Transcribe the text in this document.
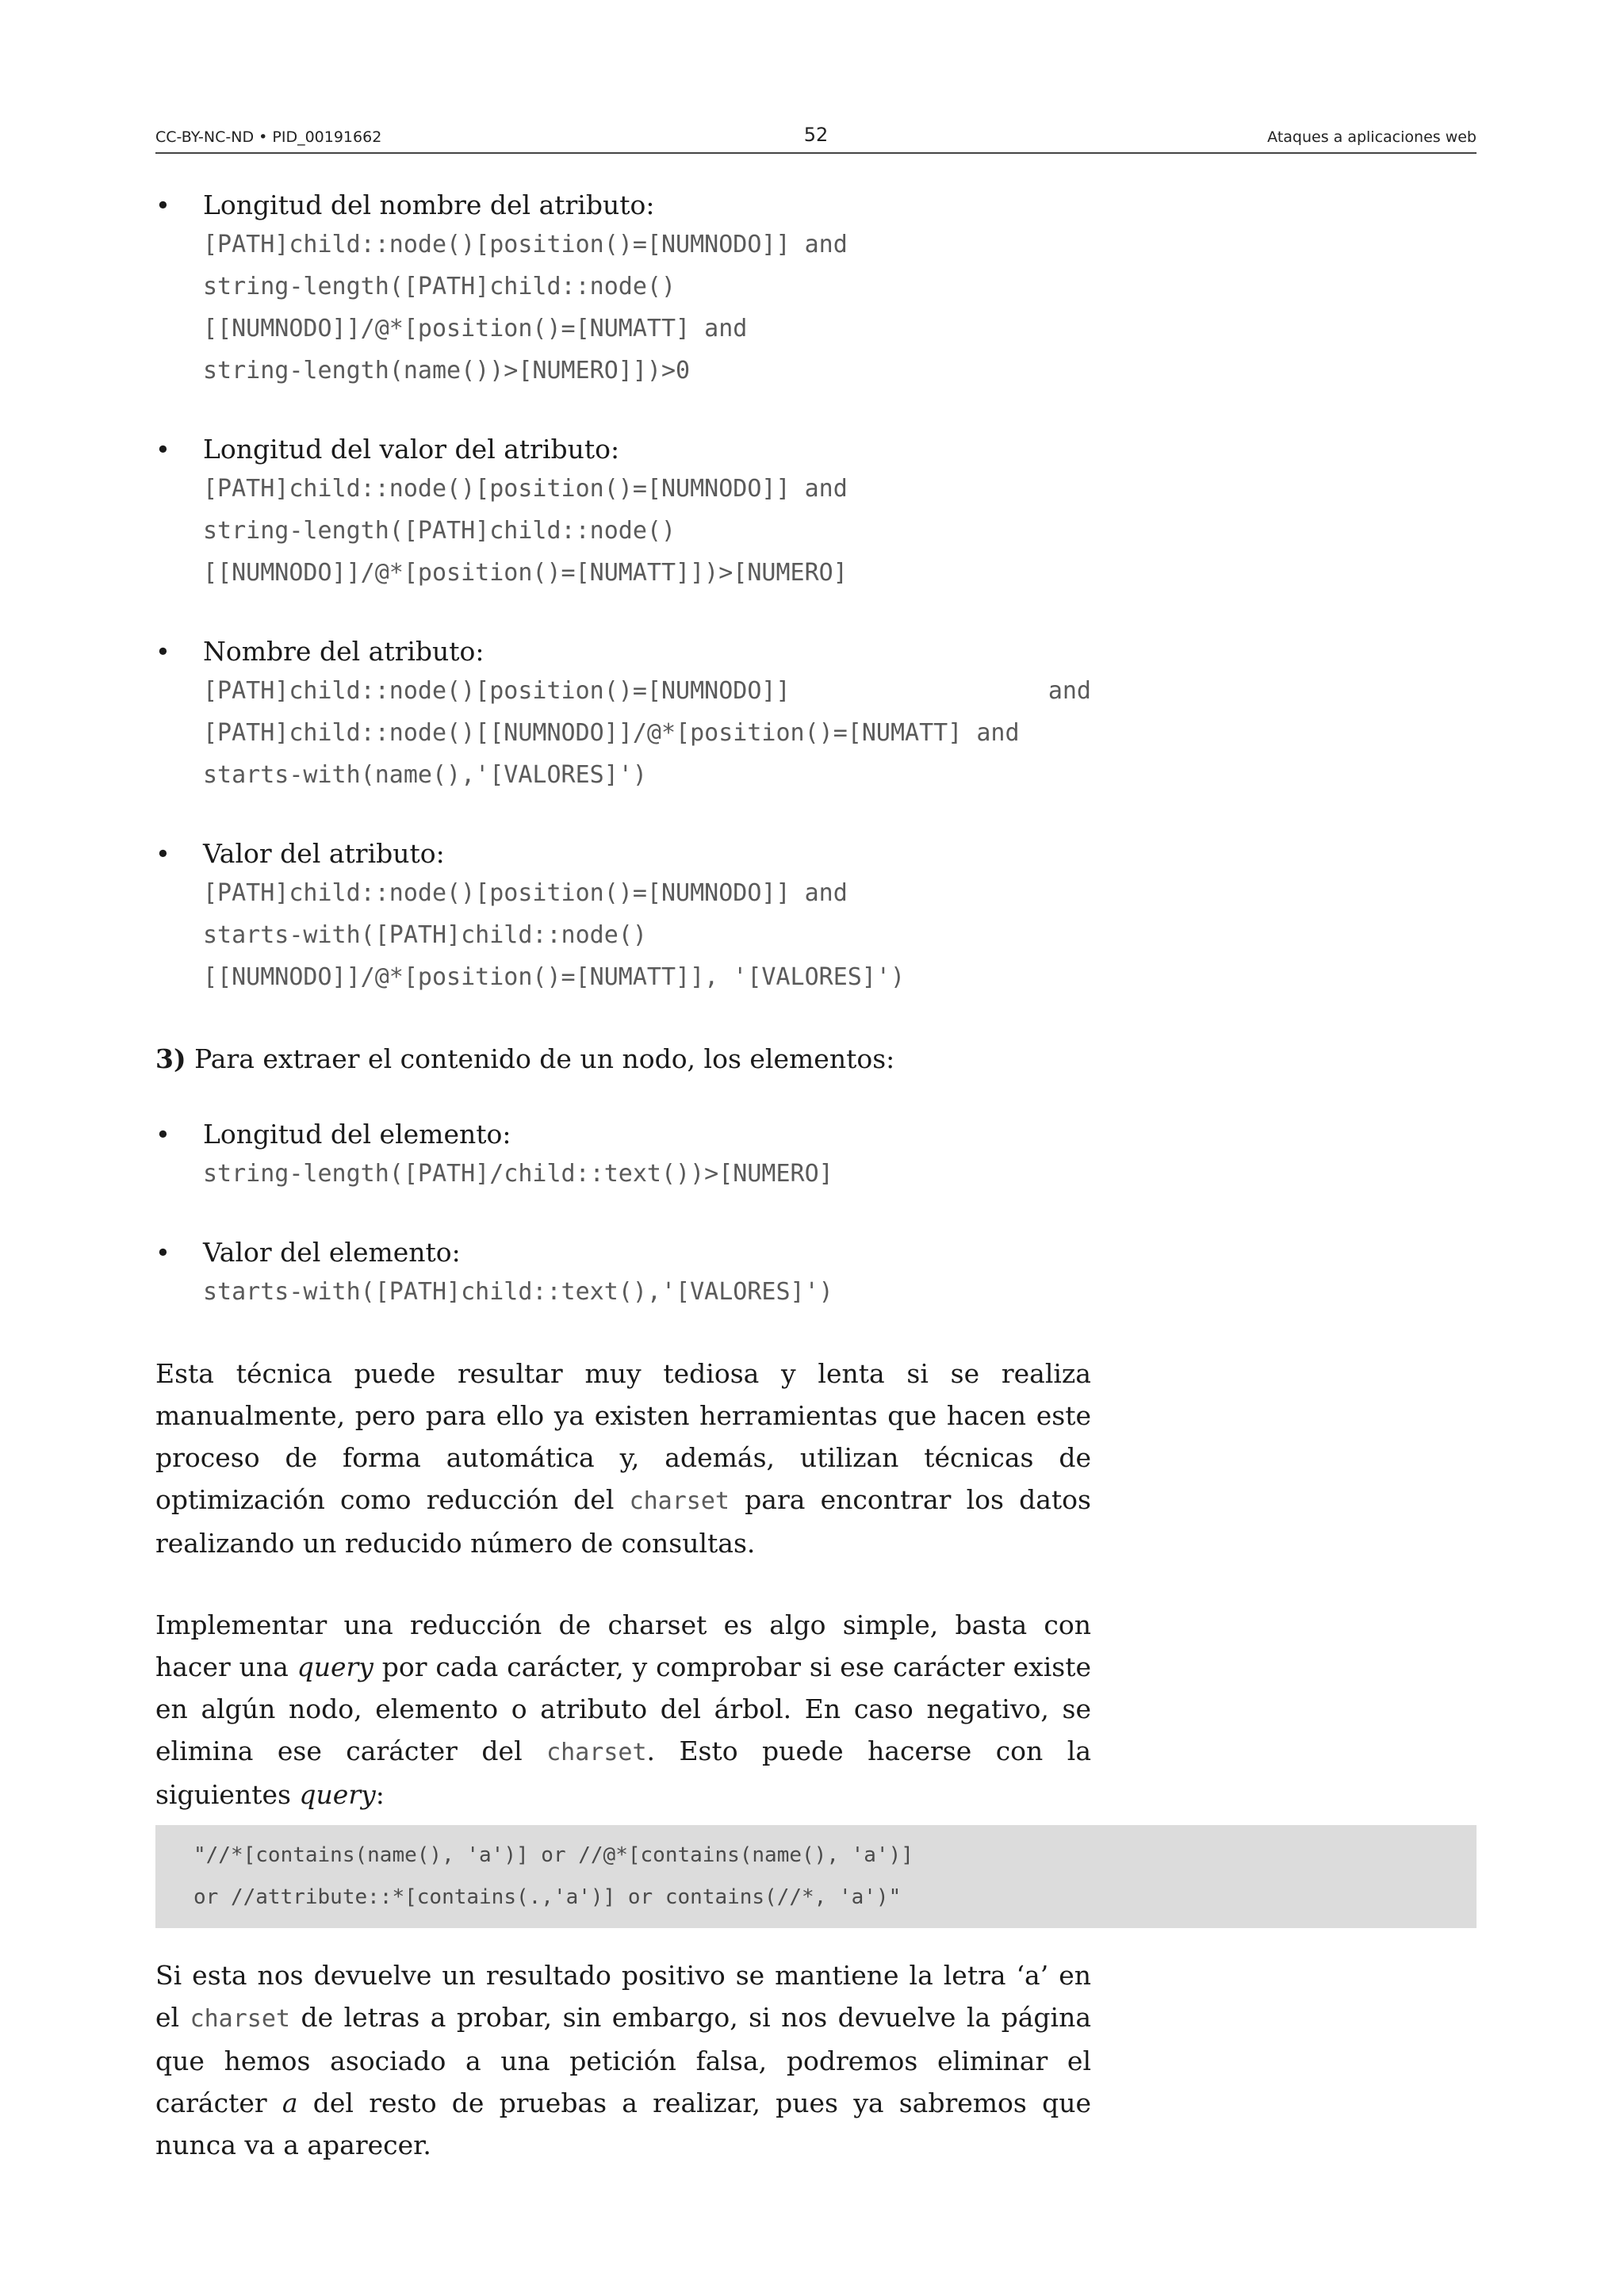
CC-BY-NC-ND • PID_00191662	52	Ataques a aplicaciones web
• Longitud del nombre del atributo:
[PATH]child::node()[position()=[NUMNODO]] and
string-length([PATH]child::node()
[[NUMNODO]]/@*[position()=[NUMATT] and
string-length(name())>[NUMERO]])>0
• Longitud del valor del atributo:
[PATH]child::node()[position()=[NUMNODO]] and
string-length([PATH]child::node()
[[NUMNODO]]/@*[position()=[NUMATT]])>[NUMERO]
• Nombre del atributo:
[PATH]child::node()[position()=[NUMNODO]]	and
[PATH]child::node()[[NUMNODO]]/@*[position()=[NUMATT] and
starts-with(name(),'[VALORES]')
• Valor del atributo:
[PATH]child::node()[position()=[NUMNODO]] and
starts-with([PATH]child::node()
[[NUMNODO]]/@*[position()=[NUMATT]], '[VALORES]')
3) Para extraer el contenido de un nodo, los elementos:
• Longitud del elemento:
string-length([PATH]/child::text())>[NUMERO]
• Valor del elemento:
starts-with([PATH]child::text(),'[VALORES]')
Esta técnica puede resultar muy tediosa y lenta si se realiza manualmente, pero para ello ya existen herramientas que hacen este proceso de forma automática y, además, utilizan técnicas de optimización como reducción del charset para encontrar los datos realizando un reducido número de consultas.
Implementar una reducción de charset es algo simple, basta con hacer una query por cada carácter, y comprobar si ese carácter existe en algún nodo, elemento o atributo del árbol. En caso negativo, se elimina ese carácter del charset. Esto puede hacerse con la siguientes query:
"//*[contains(name(), 'a')] or //@*[contains(name(), 'a')]
or //attribute::*[contains(.,'a')] or contains(//*, 'a')"
Si esta nos devuelve un resultado positivo se mantiene la letra ‘a’ en el charset de letras a probar, sin embargo, si nos devuelve la página que hemos asociado a una petición falsa, podremos eliminar el carácter a del resto de pruebas a realizar, pues ya sabremos que nunca va a aparecer.
